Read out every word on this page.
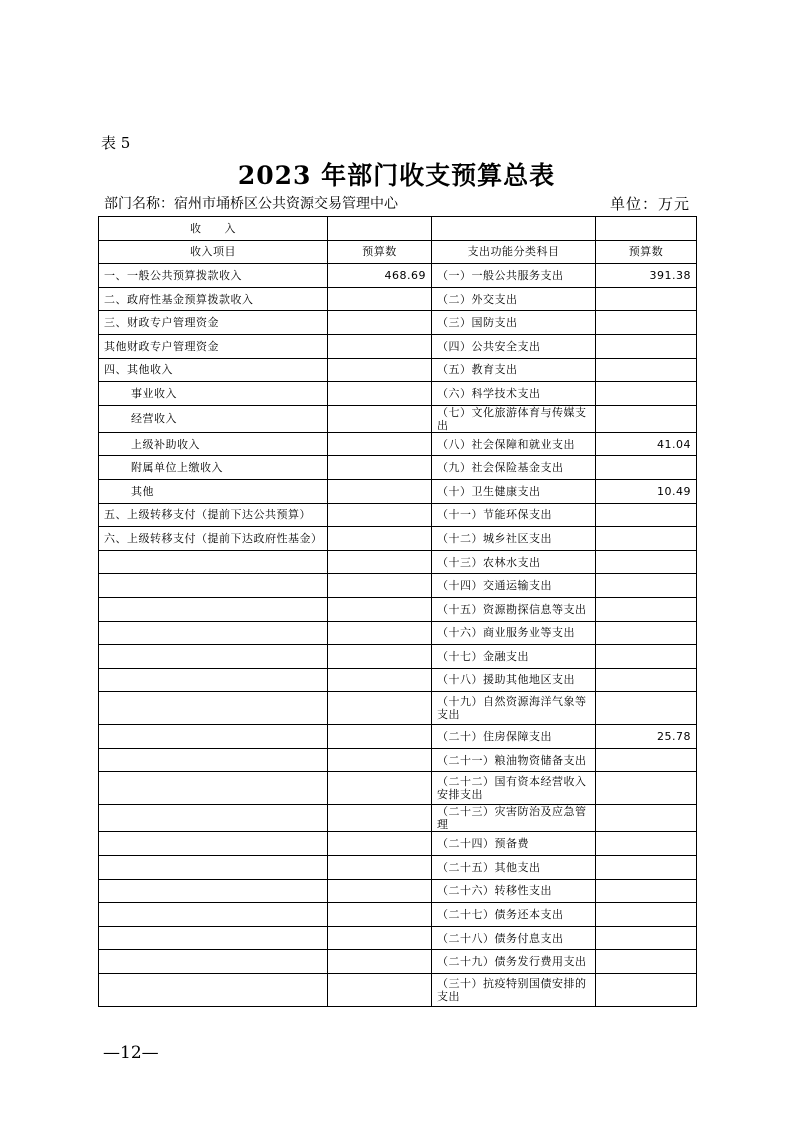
表 5
2023 年部门收支预算总表
部门名称：宿州市埇桥区公共资源交易管理中心	单位：万元
收　　入			
收入项目	预算数	支出功能分类科目	预算数
一、一般公共预算拨款收入	468.69	（一）一般公共服务支出	391.38
二、政府性基金预算拨款收入		（二）外交支出	
三、财政专户管理资金		（三）国防支出	
其他财政专户管理资金		（四）公共安全支出	
四、其他收入		（五）教育支出	
事业收入		（六）科学技术支出	
经营收入		（七）文化旅游体育与传媒支出	
上级补助收入		（八）社会保障和就业支出	41.04
附属单位上缴收入		（九）社会保险基金支出	
其他		（十）卫生健康支出	10.49
五、上级转移支付（提前下达公共预算）		（十一）节能环保支出	
六、上级转移支付（提前下达政府性基金）		（十二）城乡社区支出	
		（十三）农林水支出	
		（十四）交通运输支出	
		（十五）资源勘探信息等支出	
		（十六）商业服务业等支出	
		（十七）金融支出	
		（十八）援助其他地区支出	
		（十九）自然资源海洋气象等支出	
		（二十）住房保障支出	25.78
		（二十一）粮油物资储备支出	
		（二十二）国有资本经营收入安排支出	
		（二十三）灾害防治及应急管理	
		（二十四）预备费	
		（二十五）其他支出	
		（二十六）转移性支出	
		（二十七）债务还本支出	
		（二十八）债务付息支出	
		（二十九）债务发行费用支出	
		（三十）抗疫特别国债安排的支出	
—12—
